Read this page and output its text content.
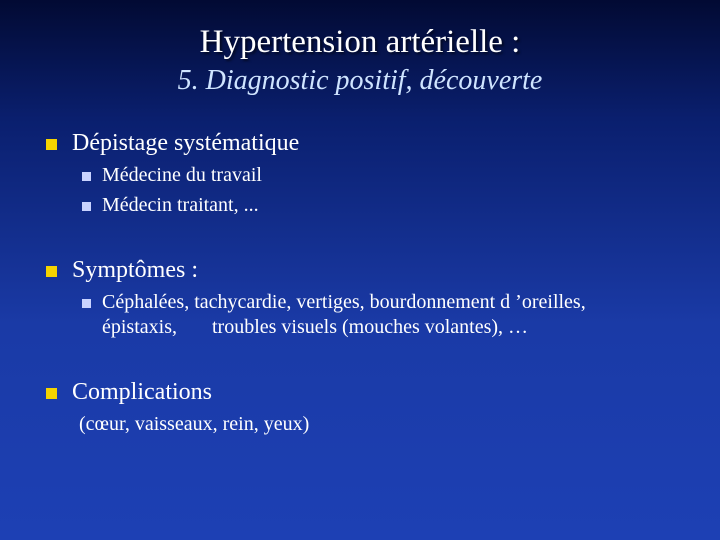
Hypertension artérielle :
5. Diagnostic positif, découverte
Dépistage systématique
Médecine du travail
Médecin traitant, ...
Symptômes :
Céphalées, tachycardie, vertiges, bourdonnement d ’oreilles,
épistaxis,       troubles visuels (mouches volantes), …
Complications
(cœur, vaisseaux, rein, yeux)
